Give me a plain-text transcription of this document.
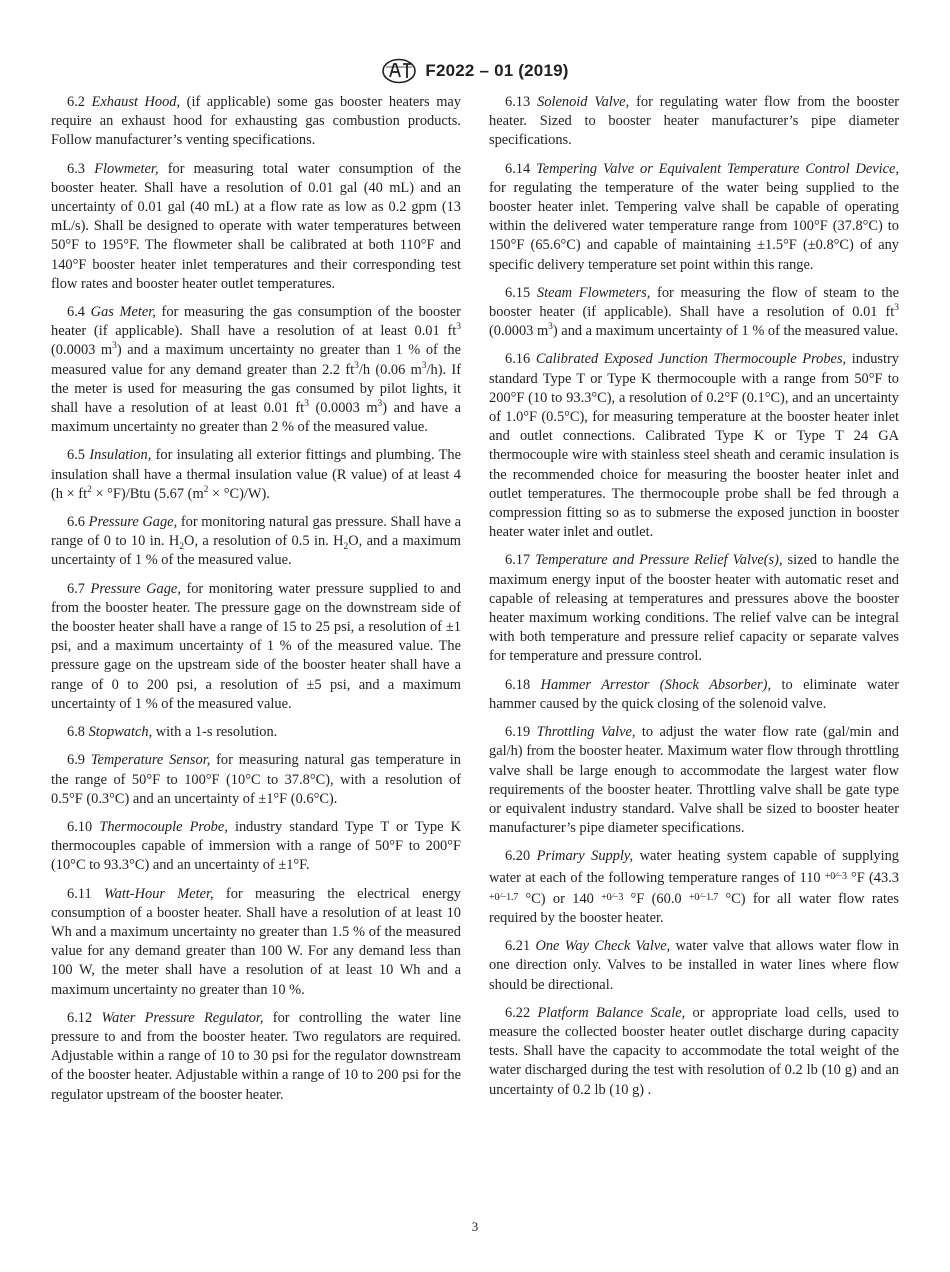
F2022 – 01 (2019)

6.2 Exhaust Hood, (if applicable) some gas booster heaters may require an exhaust hood for exhausting gas combustion products. Follow manufacturer’s venting specifications.

6.3 Flowmeter, for measuring total water consumption of the booster heater. Shall have a resolution of 0.01 gal (40 mL) and an uncertainty of 0.01 gal (40 mL) at a flow rate as low as 0.2 gpm (13 mL/s). Shall be designed to operate with water temperatures between 50°F to 195°F. The flowmeter shall be calibrated at both 110°F and 140°F booster heater inlet temperatures and their corresponding test flow rates and booster heater outlet temperatures.

6.4 Gas Meter, for measuring the gas consumption of the booster heater (if applicable). Shall have a resolution of at least 0.01 $ft^3$ (0.0003 $m^3$) and a maximum uncertainty no greater than 1 % of the measured value for any demand greater than 2.2 $ft^3/h$ (0.06 $m^3/h$). If the meter is used for measuring the gas consumed by pilot lights, it shall have a resolution of at least 0.01 $ft^3$ (0.0003 $m^3$) and have a maximum uncertainty no greater than 2 % of the measured value.

6.5 Insulation, for insulating all exterior fittings and plumbing. The insulation shall have a thermal insulation value (R value) of at least 4 $(h \times ft^2 \times ^\circ F)/Btu$ (5.67 $(m^2 \times ^\circ C)/W$).

6.6 Pressure Gage, for monitoring natural gas pressure. Shall have a range of 0 to 10 in. $H_2O$, a resolution of 0.5 in. $H_2O$, and a maximum uncertainty of 1 % of the measured value.

6.7 Pressure Gage, for monitoring water pressure supplied to and from the booster heater. The pressure gage on the downstream side of the booster heater shall have a range of 15 to 25 psi, a resolution of ±1 psi, and a maximum uncertainty of 1 % of the measured value. The pressure gage on the upstream side of the booster heater shall have a range of 0 to 200 psi, a resolution of ±5 psi, and a maximum uncertainty of 1 % of the measured value.

6.8 Stopwatch, with a 1-s resolution.

6.9 Temperature Sensor, for measuring natural gas temperature in the range of 50°F to 100°F (10°C to 37.8°C), with a resolution of 0.5°F (0.3°C) and an uncertainty of ±1°F (0.6°C).

6.10 Thermocouple Probe, industry standard Type T or Type K thermocouples capable of immersion with a range of 50°F to 200°F (10°C to 93.3°C) and an uncertainty of ±1°F.

6.11 Watt-Hour Meter, for measuring the electrical energy consumption of a booster heater. Shall have a resolution of at least 10 Wh and a maximum uncertainty no greater than 1.5 % of the measured value for any demand greater than 100 W. For any demand less than 100 W, the meter shall have a resolution of at least 10 Wh and a maximum uncertainty no greater than 10 %.

6.12 Water Pressure Regulator, for controlling the water line pressure to and from the booster heater. Two regulators are required. Adjustable within a range of 10 to 30 psi for the regulator downstream of the booster heater. Adjustable within a range of 10 to 200 psi for the regulator upstream of the booster heater.

6.13 Solenoid Valve, for regulating water flow from the booster heater. Sized to booster heater manufacturer’s pipe diameter specifications.

6.14 Tempering Valve or Equivalent Temperature Control Device, for regulating the temperature of the water being supplied to the booster heater inlet. Tempering valve shall be capable of operating within the delivered water temperature range from 100°F (37.8°C) to 150°F (65.6°C) and capable of maintaining ±1.5°F (±0.8°C) of any specific delivery temperature set point within this range.

6.15 Steam Flowmeters, for measuring the flow of steam to the booster heater (if applicable). Shall have a resolution of 0.01 $ft^3$ (0.0003 $m^3$) and a maximum uncertainty of 1 % of the measured value.

6.16 Calibrated Exposed Junction Thermocouple Probes, industry standard Type T or Type K thermocouple with a range from 50°F to 200°F (10 to 93.3°C), a resolution of 0.2°F (0.1°C), and an uncertainty of 1.0°F (0.5°C), for measuring temperature at the booster heater inlet and outlet connections. Calibrated Type K or Type T 24 GA thermocouple wire with stainless steel sheath and ceramic insulation is the recommended choice for measuring the booster heater inlet and outlet temperatures. The thermocouple probe shall be fed through a compression fitting so as to submerse the exposed junction in booster heater water inlet and outlet.

6.17 Temperature and Pressure Relief Valve(s), sized to handle the maximum energy input of the booster heater with automatic reset and capable of releasing at temperatures and pressures above the booster heater maximum working conditions. The relief valve can be integral with both temperature and pressure relief capacity or separate valves for temperature and pressure control.

6.18 Hammer Arrestor (Shock Absorber), to eliminate water hammer caused by the quick closing of the solenoid valve.

6.19 Throttling Valve, to adjust the water flow rate (gal/min and gal/h) from the booster heater. Maximum water flow through throttling valve shall be large enough to accommodate the largest water flow requirements of the booster heater. Throttling valve shall be gate type or equivalent industry standard. Valve shall be sized to booster heater manufacturer’s pipe diameter specifications.

6.20 Primary Supply, water heating system capable of supplying water at each of the following temperature ranges of 110 $^{+0⁄-3}$ °F (43.3 $^{+0⁄-1.7}$ °C) or 140 $^{+0⁄-3}$ °F (60.0 $^{+0⁄-1.7}$ °C) for all water flow rates required by the booster heater.

6.21 One Way Check Valve, water valve that allows water flow in one direction only. Valves to be installed in water lines where flow should be directional.

6.22 Platform Balance Scale, or appropriate load cells, used to measure the collected booster heater outlet discharge during capacity tests. Shall have the capacity to accommodate the total weight of the water discharged during the test with resolution of 0.2 lb (10 g) and an uncertainty of 0.2 lb (10 g) .

3
